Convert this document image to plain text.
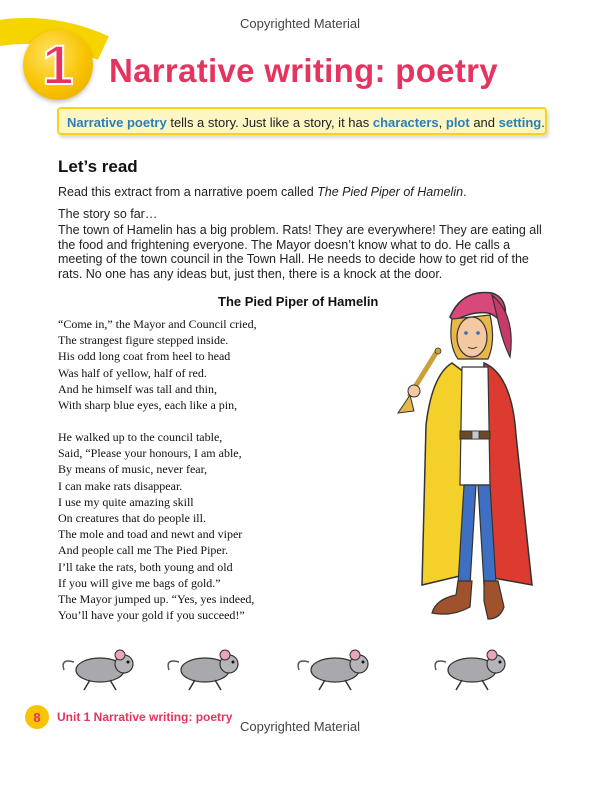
Copyrighted Material
1 Narrative writing: poetry
Narrative poetry tells a story. Just like a story, it has characters, plot and setting.
Let’s read
Read this extract from a narrative poem called The Pied Piper of Hamelin.
The story so far…
The town of Hamelin has a big problem. Rats! They are everywhere! They are eating all the food and frightening everyone. The Mayor doesn’t know what to do. He calls a meeting of the town council in the Town Hall. He needs to decide how to get rid of the rats. No one has any ideas but, just then, there is a knock at the door.
The Pied Piper of Hamelin
“Come in,” the Mayor and Council cried,
The strangest figure stepped inside.
His odd long coat from heel to head
Was half of yellow, half of red.
And he himself was tall and thin,
With sharp blue eyes, each like a pin,
He walked up to the council table,
Said, “Please your honours, I am able,
By means of music, never fear,
I can make rats disappear.
I use my quite amazing skill
On creatures that do people ill.
The mole and toad and newt and viper
And people call me The Pied Piper.
I’ll take the rats, both young and old
If you will give me bags of gold.”
The Mayor jumped up. “Yes, yes indeed,
You’ll have your gold if you succeed!”
8	Unit 1 Narrative writing: poetry
Copyrighted Material
